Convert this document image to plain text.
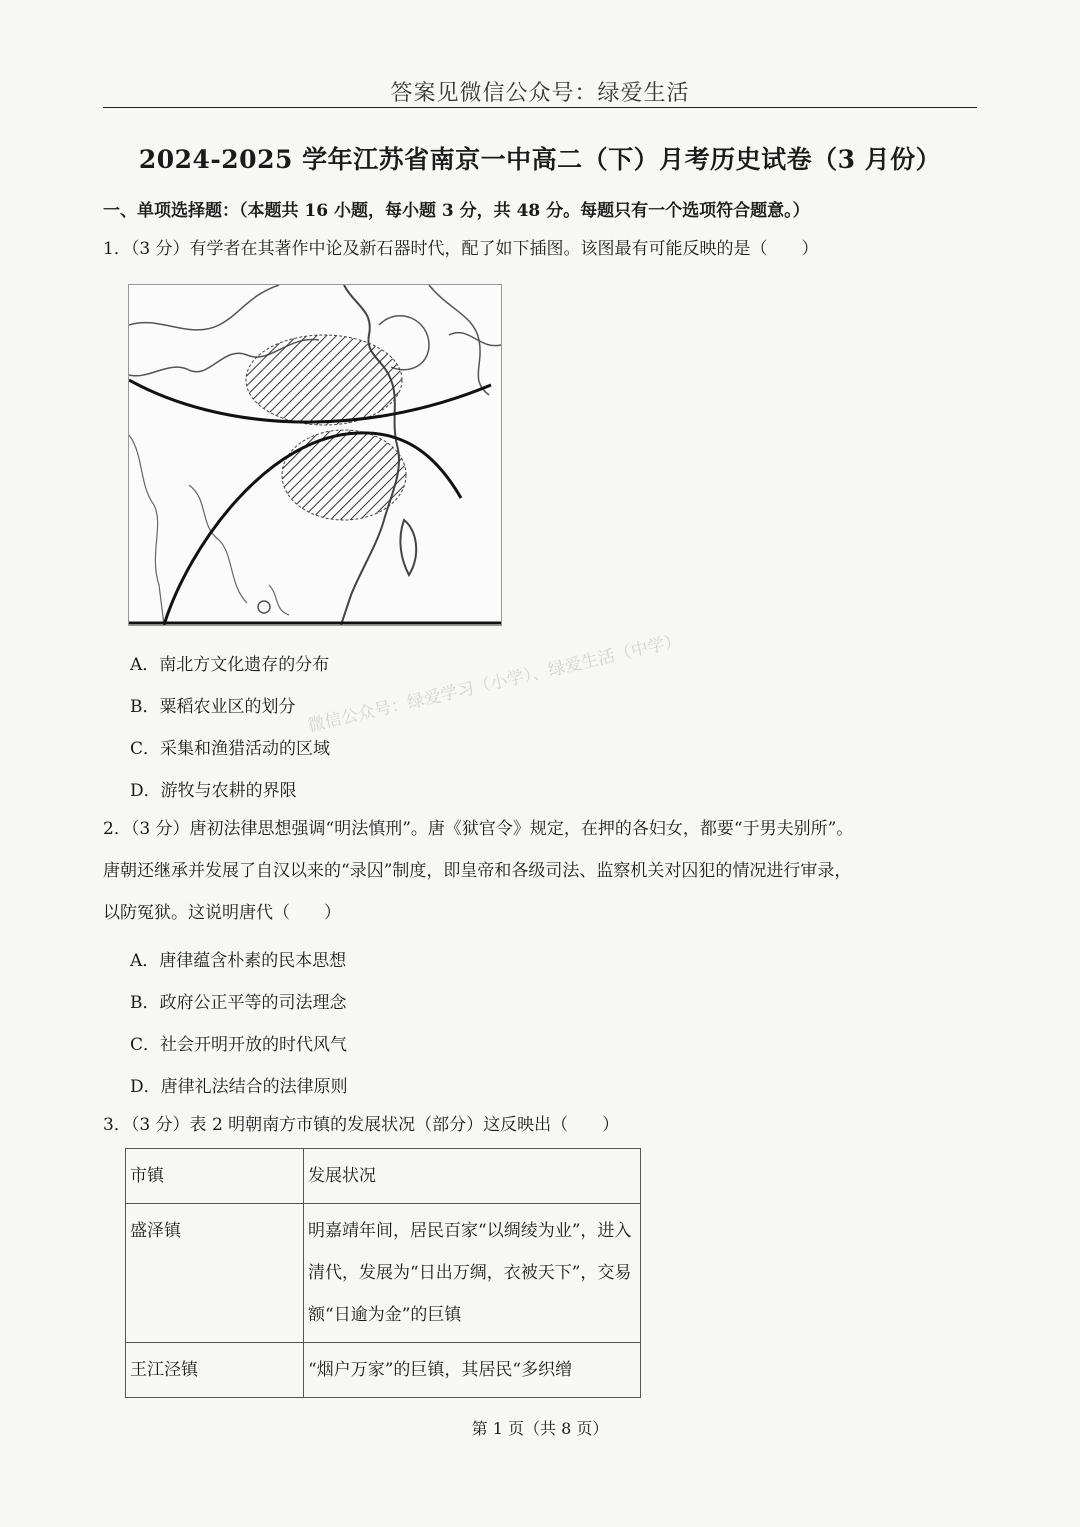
答案见微信公众号：绿爱生活
2024-2025 学年江苏省南京一中高二（下）月考历史试卷（3 月份）
一、单项选择题：（本题共 16 小题，每小题 3 分，共 48 分。每题只有一个选项符合题意。）
1．（3 分）有学者在其著作中论及新石器时代，配了如下插图。该图最有可能反映的是（　　）
A．南北方文化遗存的分布
B．粟稻农业区的划分
C．采集和渔猎活动的区域
D．游牧与农耕的界限
微信公众号：绿爱学习（小学）、绿爱生活（中学）
2．（3 分）唐初法律思想强调“明法慎刑”。唐《狱官令》规定，在押的各妇女，都要“于男夫别所”。
唐朝还继承并发展了自汉以来的“录囚”制度，即皇帝和各级司法、监察机关对囚犯的情况进行审录，
以防冤狱。这说明唐代（　　）
A．唐律蕴含朴素的民本思想
B．政府公正平等的司法理念
C．社会开明开放的时代风气
D．唐律礼法结合的法律原则
3．（3 分）表 2 明朝南方市镇的发展状况（部分）这反映出（　　）
市镇	发展状况
盛泽镇	明嘉靖年间，居民百家“以绸绫为业”，进入清代，发展为“日出万绸，衣被天下”，交易额“日逾为金”的巨镇
王江泾镇	“烟户万家”的巨镇，其居民“多织缯
第 1 页（共 8 页）
